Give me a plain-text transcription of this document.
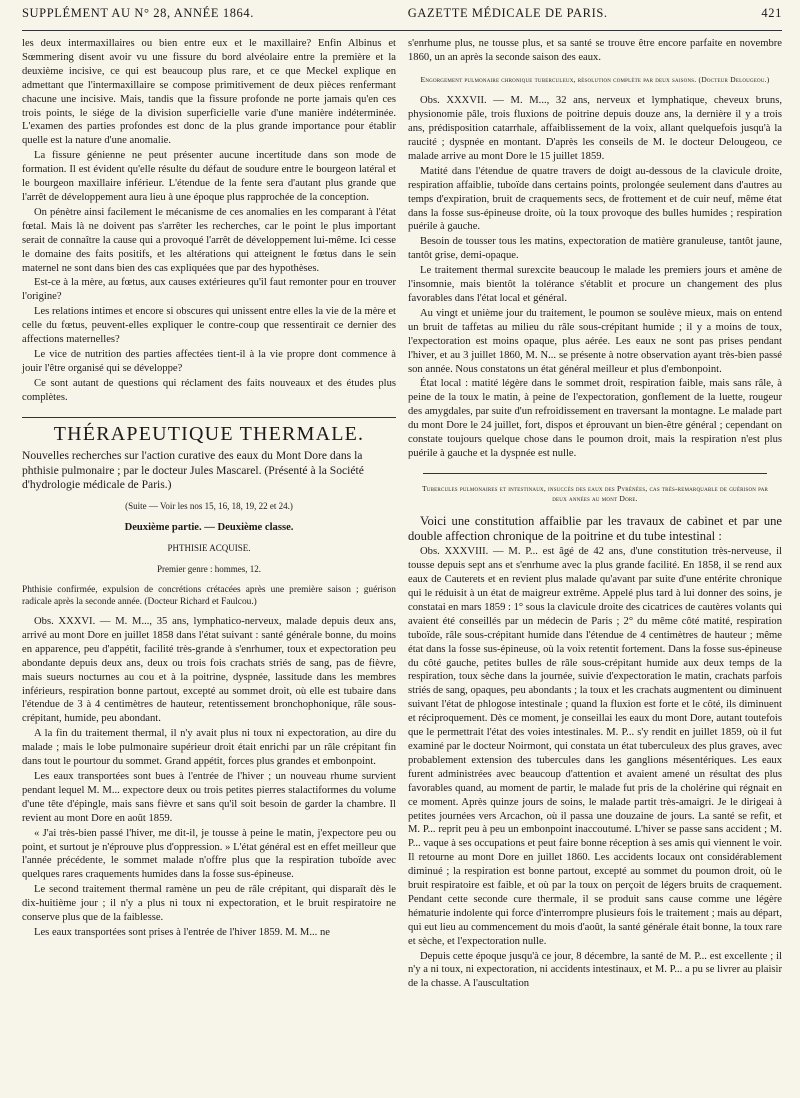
SUPPLÉMENT AU N° 28, ANNÉE 1864.	GAZETTE MÉDICALE DE PARIS.	421

les deux intermaxillaires ou bien entre eux et le maxillaire? Enfin Albinus et Sœmmering disent avoir vu une fissure du bord alvéolaire entre la première et la deuxième incisive, ce qui est beaucoup plus rare, et ce que Meckel explique en admettant que l'intermaxillaire se compose primitivement de deux pièces renfermant chacune une incisive. Mais, tandis que la fissure profonde ne porte jamais qu'en ces trois points, le siége de la division superficielle varie d'une manière indéterminée. L'examen des parties profondes est donc de la plus grande importance pour établir quelle est la nature d'une anomalie.

La fissure génienne ne peut présenter aucune incertitude dans son mode de formation. Il est évident qu'elle résulte du défaut de soudure entre le bourgeon latéral et le bourgeon maxillaire inférieur. L'étendue de la fente sera d'autant plus grande que l'arrêt de développement aura lieu à une époque plus rapprochée de la conception.

On pénètre ainsi facilement le mécanisme de ces anomalies en les comparant à l'état fœtal. Mais là ne doivent pas s'arrêter les recherches, car le point le plus important serait de connaître la cause qui a provoqué l'arrêt de développement lui-même. Ici cesse le domaine des faits positifs, et les altérations qui atteignent le fœtus dans le sein maternel ne sont dans bien des cas expliquées que par des hypothèses.

Est-ce à la mère, au fœtus, aux causes extérieures qu'il faut remonter pour en trouver l'origine?

Les relations intimes et encore si obscures qui unissent entre elles la vie de la mère et celle du fœtus, peuvent-elles expliquer le contre-coup que ressentirait ce dernier des affections maternelles?

Le vice de nutrition des parties affectées tient-il à la vie propre dont commence à jouir l'être organisé qui se développe?

Ce sont autant de questions qui réclament des faits nouveaux et des études plus complètes.

THÉRAPEUTIQUE THERMALE.

Nouvelles recherches sur l'action curative des eaux du Mont Dore dans la phthisie pulmonaire ; par le docteur Jules Mascarel. (Présenté à la Société d'hydrologie médicale de Paris.)

(Suite — Voir les nos 15, 16, 18, 19, 22 et 24.)

Deuxième partie. — Deuxième classe.

PHTHISIE ACQUISE.

Premier genre : hommes, 12.

Phthisie confirmée, expulsion de concrétions crétacées après une première saison ; guérison radicale après la seconde année. (Docteur Richard et Faulcou.)

Obs. XXXVI. — M. M..., 35 ans, lymphatico-nerveux, malade depuis deux ans, arrivé au mont Dore en juillet 1858 dans l'état suivant : santé générale bonne, du moins en apparence, peu d'appétit, facilité très-grande à s'enrhumer, toux et expectoration peu abondante depuis deux ans, deux ou trois fois crachats striés de sang, pas de fièvre, mais sueurs nocturnes au cou et à la poitrine, dyspnée, lassitude dans les membres inférieurs, respiration bonne partout, excepté au sommet droit, où elle est tubaire dans l'étendue de 3 à 4 centimètres de hauteur, retentissement bronchophonique, râle sous-crépitant, humide, peu abondant.

A la fin du traitement thermal, il n'y avait plus ni toux ni expectoration, au dire du malade ; mais le lobe pulmonaire supérieur droit était enrichi par un râle crépitant fin dans tout le pourtour du sommet. Grand appétit, forces plus grandes et embonpoint.

Les eaux transportées sont bues à l'entrée de l'hiver ; un nouveau rhume survient pendant lequel M. M... expectore deux ou trois petites pierres stalactiformes du volume d'une tête d'épingle, mais sans fièvre et sans qu'il soit besoin de garder la chambre. Il revient au mont Dore en août 1859.

« J'ai très-bien passé l'hiver, me dit-il, je tousse à peine le matin, j'expectore peu ou point, et surtout je n'éprouve plus d'oppression. » L'état général est en effet meilleur que l'année précédente, le sommet malade n'offre plus que la respiration tuboïde avec quelques rares craquements humides dans la fosse sus-épineuse.

Le second traitement thermal ramène un peu de râle crépitant, qui disparaît dès le dix-huitième jour ; il n'y a plus ni toux ni expectoration, et le bruit respiratoire ne conserve plus que de la faiblesse.

Les eaux transportées sont prises à l'entrée de l'hiver 1859. M. M... ne

s'enrhume plus, ne tousse plus, et sa santé se trouve être encore parfaite en novembre 1860, un an après la seconde saison des eaux.

Engorgement pulmonaire chronique tuberculeux, résolution complète par deux saisons. (Docteur Delougeou.)

Obs. XXXVII. — M. M..., 32 ans, nerveux et lymphatique, cheveux bruns, physionomie pâle, trois fluxions de poitrine depuis douze ans, la dernière il y a trois ans, prédisposition catarrhale, affaiblissement de la voix, allant quelquefois jusqu'à la raucité ; dyspnée en montant. D'après les conseils de M. le docteur Delougeou, ce malade arrive au mont Dore le 15 juillet 1859.

Matité dans l'étendue de quatre travers de doigt au-dessous de la clavicule droite, respiration affaiblie, tuboïde dans certains points, prolongée seulement dans d'autres au temps d'expiration, bruit de craquements secs, de frottement et de cuir neuf, même état dans la fosse sus-épineuse droite, où la toux provoque des bulles humides ; respiration puérile à gauche.

Besoin de tousser tous les matins, expectoration de matière granuleuse, tantôt jaune, tantôt grise, demi-opaque.

Le traitement thermal surexcite beaucoup le malade les premiers jours et amène de l'insomnie, mais bientôt la tolérance s'établit et procure un changement des plus favorables dans l'état local et général.

Au vingt et unième jour du traitement, le poumon se soulève mieux, mais on entend un bruit de taffetas au milieu du râle sous-crépitant humide ; il y a moins de toux, l'expectoration est moins opaque, plus aérée. Les eaux ne sont pas prises pendant l'hiver, et au 3 juillet 1860, M. N... se présente à notre observation ayant très-bien passé son année. Nous constatons un état général meilleur et plus d'embonpoint.

État local : matité légère dans le sommet droit, respiration faible, mais sans râle, à peine de la toux le matin, à peine de l'expectoration, gonflement de la luette, rougeur des amygdales, par suite d'un refroidissement en traversant la montagne. Le malade part du mont Dore le 24 juillet, fort, dispos et éprouvant un bien-être général ; cependant on constate toujours quelque chose dans le poumon droit, mais la respiration n'est plus puérile à gauche et la dyspnée est nulle.

Tubercules pulmonaires et intestinaux, insuccès des eaux des Pyrénées, cas très-remarquable de guérison par deux années au mont Dore.

Voici une constitution affaiblie par les travaux de cabinet et par une double affection chronique de la poitrine et du tube intestinal :

Obs. XXXVIII. — M. P... est âgé de 42 ans, d'une constitution très-nerveuse, il tousse depuis sept ans et s'enrhume avec la plus grande facilité. En 1858, il se rend aux eaux de Cauterets et en revient plus malade qu'avant par suite d'une entérite chronique qui le réduisit à un état de maigreur extrême. Appelé plus tard à lui donner des soins, je constatai en mars 1859 : 1° sous la clavicule droite des cicatrices de cautères volants qui avaient été conseillés par un médecin de Paris ; 2° du même côté matité, respiration tuboïde, râle sous-crépitant humide dans l'étendue de 4 centimètres de hauteur ; même état dans la fosse sus-épineuse, où la voix retentit fortement. Dans la fosse sus-épineuse du côté gauche, petites bulles de râle sous-crépitant humide aux deux temps de la respiration, toux sèche dans la journée, suivie d'expectoration le matin, crachats parfois striés de sang, opaques, peu abondants ; la toux et les crachats augmentent ou diminuent suivant l'état de phlogose intestinale ; quand la fluxion est forte et le côté, ils diminuent et réciproquement. Dès ce moment, je conseillai les eaux du mont Dore, autant toutefois que le permettrait l'état des voies intestinales. M. P... s'y rendit en juillet 1859, où il fut examiné par le docteur Noirmont, qui constata un état tuberculeux des plus graves, avec probablement extension des tubercules dans les ganglions mésentériques. Les eaux furent administrées avec beaucoup d'attention et avaient amené un résultat des plus favorables quand, au moment de partir, le malade fut pris de la cholérine qui régnait en ce moment. Après quinze jours de soins, le malade partit très-amaigri. Je le dirigeai à petites journées vers Arcachon, où il passa une douzaine de jours. La santé se refit, et M. P... reprit peu à peu un embonpoint inaccoutumé. L'hiver se passe sans accident ; M. P... vaque à ses occupations et peut faire bonne réception à ses amis qui viennent le voir. Il retourne au mont Dore en juillet 1860. Les accidents locaux ont considérablement diminué ; la respiration est bonne partout, excepté au sommet du poumon droit, où le bruit respiratoire est faible, et où par la toux on perçoit de légers bruits de craquement. Pendant cette seconde cure thermale, il se produit sans cause comme une légère hématurie indolente qui force d'interrompre plusieurs fois le traitement ; mais au départ, qui eut lieu au commencement du mois d'août, la santé générale était bonne, la toux rare et sèche, et l'expectoration nulle.

Depuis cette époque jusqu'à ce jour, 8 décembre, la santé de M. P... est excellente ; il n'y a ni toux, ni expectoration, ni accidents intestinaux, et M. P... a pu se livrer au plaisir de la chasse. A l'auscultation
